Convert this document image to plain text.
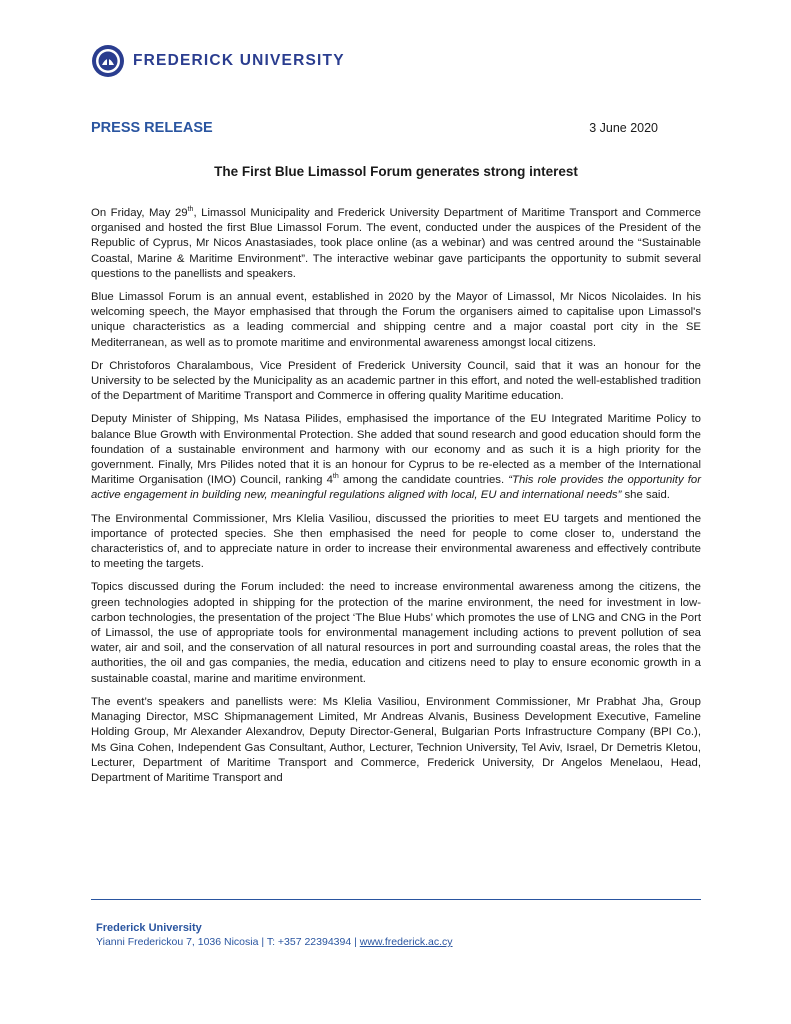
FREDERICK UNIVERSITY
PRESS RELEASE	3 June 2020
The First Blue Limassol Forum generates strong interest

On Friday, May 29th, Limassol Municipality and Frederick University Department of Maritime Transport and Commerce organised and hosted the first Blue Limassol Forum. The event, conducted under the auspices of the President of the Republic of Cyprus, Mr Nicos Anastasiades, took place online (as a webinar) and was centred around the “Sustainable Coastal, Marine & Maritime Environment”. The interactive webinar gave participants the opportunity to submit several questions to the panellists and speakers.

Blue Limassol Forum is an annual event, established in 2020 by the Mayor of Limassol, Mr Nicos Nicolaides. In his welcoming speech, the Mayor emphasised that through the Forum the organisers aimed to capitalise upon Limassol's unique characteristics as a leading commercial and shipping centre and a major coastal port city in the SE Mediterranean, as well as to promote maritime and environmental awareness amongst local citizens.

Dr Christoforos Charalambous, Vice President of Frederick University Council, said that it was an honour for the University to be selected by the Municipality as an academic partner in this effort, and noted the well-established tradition of the Department of Maritime Transport and Commerce in offering quality Maritime education.

Deputy Minister of Shipping, Ms Natasa Pilides, emphasised the importance of the EU Integrated Maritime Policy to balance Blue Growth with Environmental Protection. She added that sound research and good education should form the foundation of a sustainable environment and harmony with our economy and as such it is a high priority for the government. Finally, Mrs Pilides noted that it is an honour for Cyprus to be re-elected as a member of the International Maritime Organisation (IMO) Council, ranking 4th among the candidate countries. “This role provides the opportunity for active engagement in building new, meaningful regulations aligned with local, EU and international needs” she said.

The Environmental Commissioner, Mrs Klelia Vasiliou, discussed the priorities to meet EU targets and mentioned the importance of protected species. She then emphasised the need for people to come closer to, understand the characteristics of, and to appreciate nature in order to increase their environmental awareness and effectively contribute to meeting the targets.

Topics discussed during the Forum included: the need to increase environmental awareness among the citizens, the green technologies adopted in shipping for the protection of the marine environment, the need for investment in low-carbon technologies, the presentation of the project ‘The Blue Hubs’ which promotes the use of LNG and CNG in the Port of Limassol, the use of appropriate tools for environmental management including actions to prevent pollution of sea water, air and soil, and the conservation of all natural resources in port and surrounding coastal areas, the roles that the authorities, the oil and gas companies, the media, education and citizens need to play to ensure economic growth in a sustainable coastal, marine and maritime environment.

The event’s speakers and panellists were: Ms Klelia Vasiliou, Environment Commissioner, Mr Prabhat Jha, Group Managing Director, MSC Shipmanagement Limited, Mr Andreas Alvanis, Business Development Executive, Fameline Holding Group, Mr Alexander Alexandrov, Deputy Director-General, Bulgarian Ports Infrastructure Company (BPI Co.), Ms Gina Cohen, Independent Gas Consultant, Author, Lecturer, Technion University, Tel Aviv, Israel, Dr Demetris Kletou, Lecturer, Department of Maritime Transport and Commerce, Frederick University, Dr Angelos Menelaou, Head, Department of Maritime Transport and

Frederick University
Yianni Frederickou 7, 1036 Nicosia | T: +357 22394394 | www.frederick.ac.cy
